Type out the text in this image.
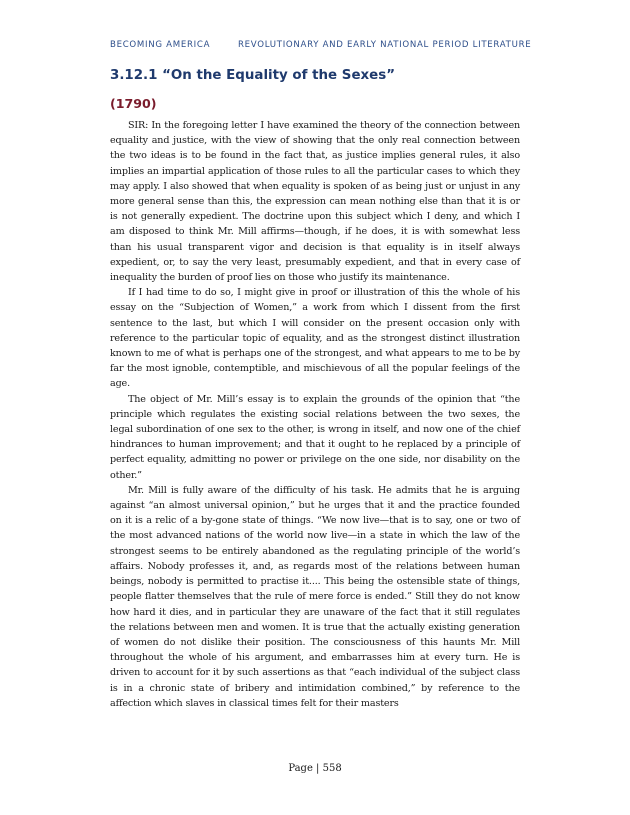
BECOMING AMERICA	REVOLUTIONARY AND EARLY NATIONAL PERIOD LITERATURE
3.12.1 “On the Equality of the Sexes”
(1790)

SIR: In the foregoing letter I have examined the theory of the connection between equality and justice, with the view of showing that the only real connection between the two ideas is to be found in the fact that, as justice implies general rules, it also implies an impartial application of those rules to all the particular cases to which they may apply. I also showed that when equality is spoken of as being just or unjust in any more general sense than this, the expression can mean nothing else than that it is or is not generally expedient. The doctrine upon this subject which I deny, and which I am disposed to think Mr. Mill affirms—though, if he does, it is with somewhat less than his usual transparent vigor and decision is that equality is in itself always expedient, or, to say the very least, presumably expedient, and that in every case of inequality the burden of proof lies on those who justify its maintenance.

If I had time to do so, I might give in proof or illustration of this the whole of his essay on the “Subjection of Women,” a work from which I dissent from the first sentence to the last, but which I will consider on the present occasion only with reference to the particular topic of equality, and as the strongest distinct illustration known to me of what is perhaps one of the strongest, and what appears to me to be by far the most ignoble, contemptible, and mischievous of all the popular feelings of the age.

The object of Mr. Mill’s essay is to explain the grounds of the opinion that “the principle which regulates the existing social relations between the two sexes, the legal subordination of one sex to the other, is wrong in itself, and now one of the chief hindrances to human improvement; and that it ought to he replaced by a principle of perfect equality, admitting no power or privilege on the one side, nor disability on the other.”

Mr. Mill is fully aware of the difficulty of his task. He admits that he is arguing against “an almost universal opinion,” but he urges that it and the practice founded on it is a relic of a by-gone state of things. “We now live—that is to say, one or two of the most advanced nations of the world now live—in a state in which the law of the strongest seems to be entirely abandoned as the regulating principle of the world’s affairs. Nobody professes it, and, as regards most of the relations between human beings, nobody is permitted to practise it.... This being the ostensible state of things, people flatter themselves that the rule of mere force is ended.” Still they do not know how hard it dies, and in particular they are unaware of the fact that it still regulates the relations between men and women. It is true that the actually existing generation of women do not dislike their position. The consciousness of this haunts Mr. Mill throughout the whole of his argument, and embarrasses him at every turn. He is driven to account for it by such assertions as that “each individual of the subject class is in a chronic state of bribery and intimidation combined,” by reference to the affection which slaves in classical times felt for their masters

Page | 558
